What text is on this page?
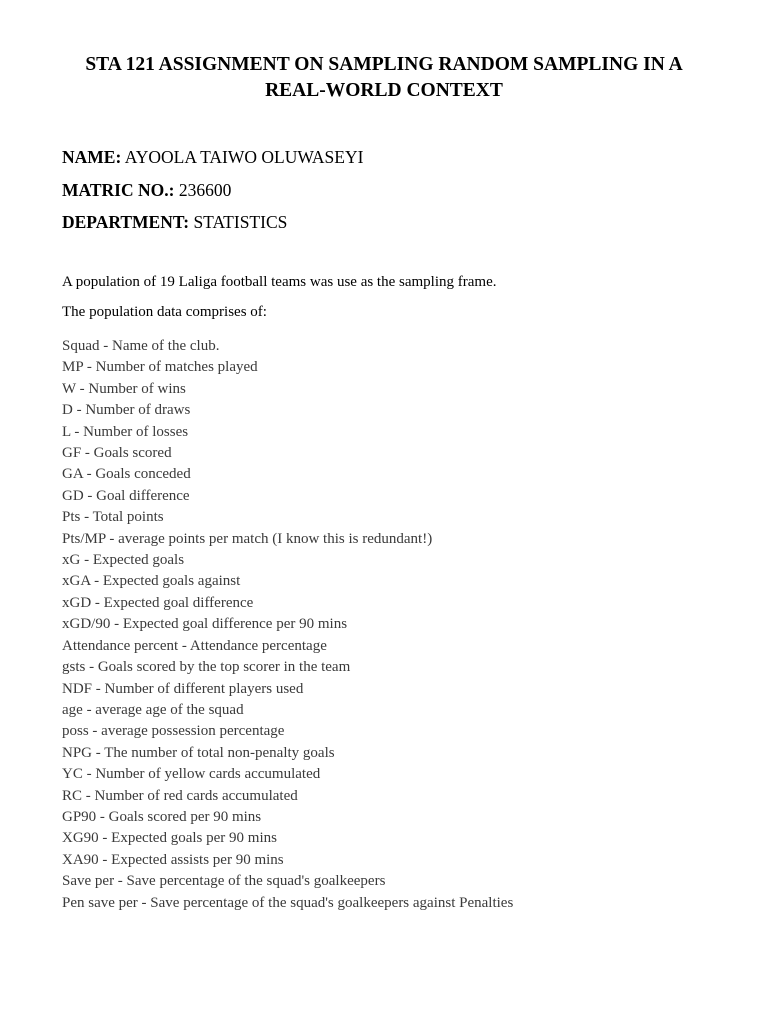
STA 121 ASSIGNMENT ON SAMPLING RANDOM SAMPLING IN A
REAL-WORLD CONTEXT
NAME: AYOOLA TAIWO OLUWASEYI
MATRIC NO.: 236600
DEPARTMENT: STATISTICS

A population of 19 Laliga football teams was use as the sampling frame.

The population data comprises of:

Squad - Name of the club.
MP - Number of matches played
W - Number of wins
D - Number of draws
L - Number of losses
GF - Goals scored
GA - Goals conceded
GD - Goal difference
Pts - Total points
Pts/MP - average points per match (I know this is redundant!)
xG - Expected goals
xGA - Expected goals against
xGD - Expected goal difference
xGD/90 - Expected goal difference per 90 mins
Attendance percent - Attendance percentage
gsts - Goals scored by the top scorer in the team
NDF - Number of different players used
age - average age of the squad
poss - average possession percentage
NPG - The number of total non-penalty goals
YC - Number of yellow cards accumulated
RC - Number of red cards accumulated
GP90 - Goals scored per 90 mins
XG90 - Expected goals per 90 mins
XA90 - Expected assists per 90 mins
Save per - Save percentage of the squad's goalkeepers
Pen save per - Save percentage of the squad's goalkeepers against Penalties
